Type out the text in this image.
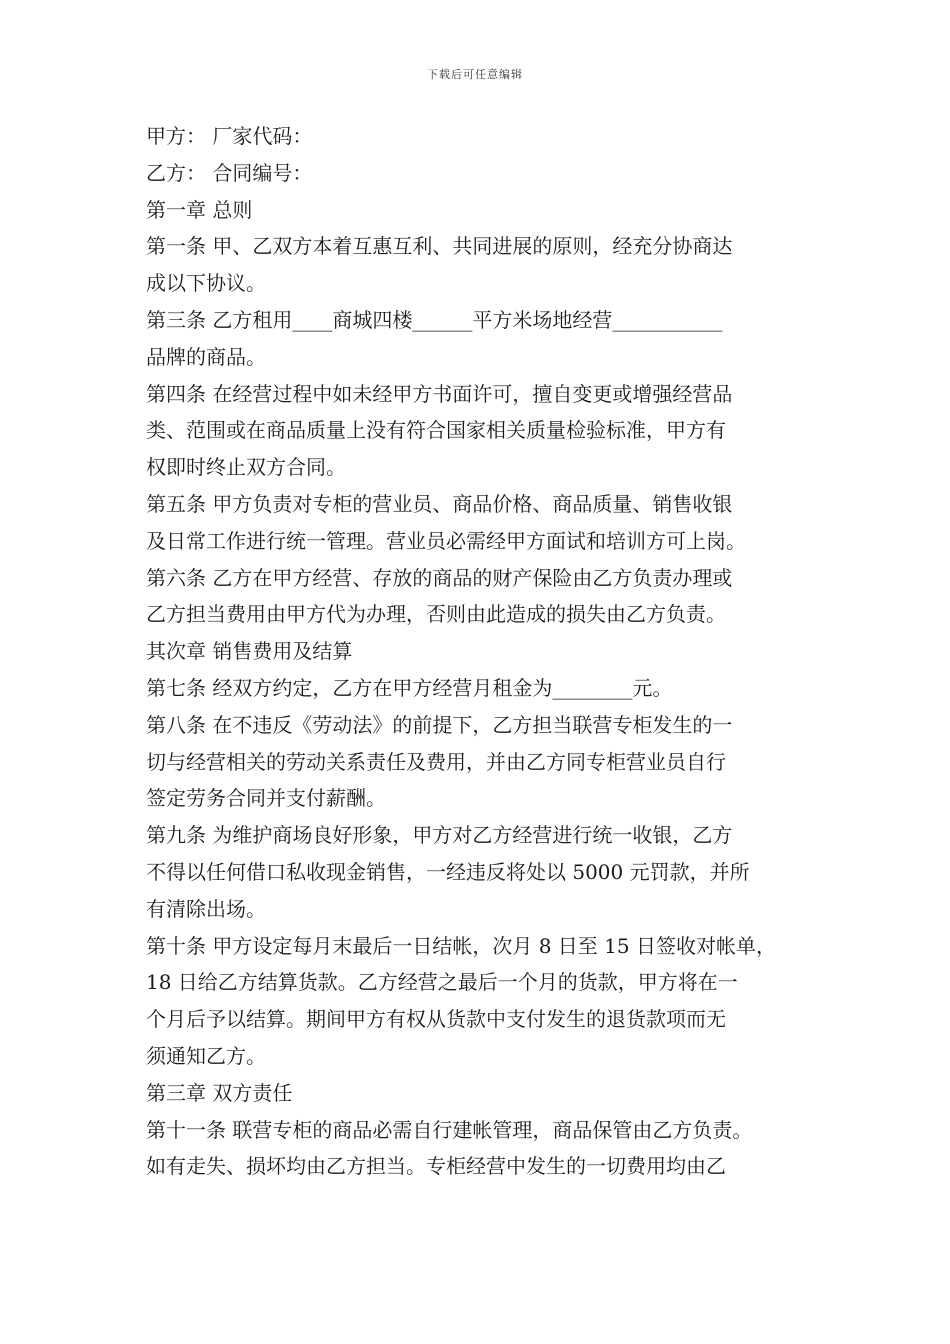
下载后可任意编辑

甲方： 厂家代码：

乙方： 合同编号：

第一章 总则

第一条 甲、乙双方本着互惠互利、共同进展的原则，经充分协商达

成以下协议。

第三条 乙方租用____商城四楼______平方米场地经营___________

品牌的商品。

第四条 在经营过程中如未经甲方书面许可，擅自变更或增强经营品

类、范围或在商品质量上没有符合国家相关质量检验标准，甲方有

权即时终止双方合同。

第五条 甲方负责对专柜的营业员、商品价格、商品质量、销售收银

及日常工作进行统一管理。营业员必需经甲方面试和培训方可上岗。

第六条 乙方在甲方经营、存放的商品的财产保险由乙方负责办理或

乙方担当费用由甲方代为办理，否则由此造成的损失由乙方负责。

其次章 销售费用及结算

第七条 经双方约定，乙方在甲方经营月租金为________元。

第八条 在不违反《劳动法》的前提下，乙方担当联营专柜发生的一

切与经营相关的劳动关系责任及费用，并由乙方同专柜营业员自行

签定劳务合同并支付薪酬。

第九条 为维护商场良好形象，甲方对乙方经营进行统一收银，乙方

不得以任何借口私收现金销售，一经违反将处以 5000 元罚款，并所

有清除出场。

第十条 甲方设定每月末最后一日结帐，次月 8 日至 15 日签收对帐单，

18 日给乙方结算货款。乙方经营之最后一个月的货款，甲方将在一

个月后予以结算。期间甲方有权从货款中支付发生的退货款项而无

须通知乙方。

第三章 双方责任

第十一条 联营专柜的商品必需自行建帐管理，商品保管由乙方负责。

如有走失、损坏均由乙方担当。专柜经营中发生的一切费用均由乙
